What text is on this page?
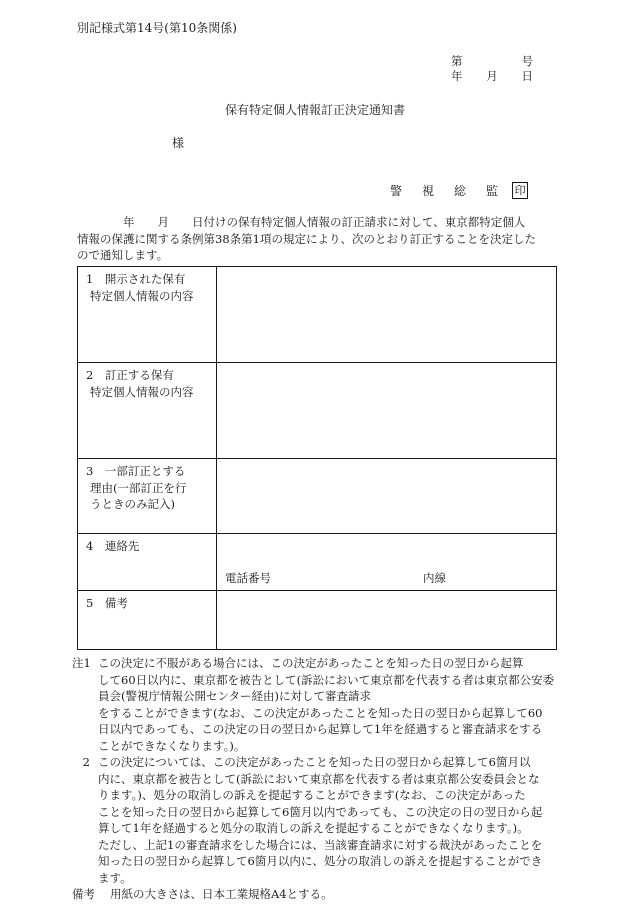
別記様式第14号(第10条関係)
第	号
年 月 日
保有特定個人情報訂正決定通知書
様
警 視 総 監 印

　　　　年　　月　　日付けの保有特定個人情報の訂正請求に対して、東京都特定個人

情報の保護に関する条例第38条第1項の規定により、次のとおり訂正することを決定した

ので通知します。

1　開示された保有
特定個人情報の内容	

2　訂正する保有
特定個人情報の内容	

3　一部訂正とする
理由(一部訂正を行
うときのみ記入)	

4　連絡先	電話番号 内線

5　備考	

注1 この決定に不服がある場合には、この決定があったことを知った日の翌日から起算
して60日以内に、東京都を被告として(訴訟において東京都を代表する者は東京都公安委員会(警視庁情報公開センター経由)に対して審査請求
をすることができます(なお、この決定があったことを知った日の翌日から起算して60
日以内であっても、この決定の日の翌日から起算して1年を経過すると審査請求をする
ことができなくなります。)。
2 この決定については、この決定があったことを知った日の翌日から起算して6箇月以
内に、東京都を被告として(訴訟において東京都を代表する者は東京都公安委員会とな
ります。)、処分の取消しの訴えを提起することができます(なお、この決定があった
ことを知った日の翌日から起算して6箇月以内であっても、この決定の日の翌日から起
算して1年を経過すると処分の取消しの訴えを提起することができなくなります。)。
ただし、上記1の審査請求をした場合には、当該審査請求に対する裁決があったことを
知った日の翌日から起算して6箇月以内に、処分の取消しの訴えを提起することができ
ます。
備考	用紙の大きさは、日本工業規格A4とする。
